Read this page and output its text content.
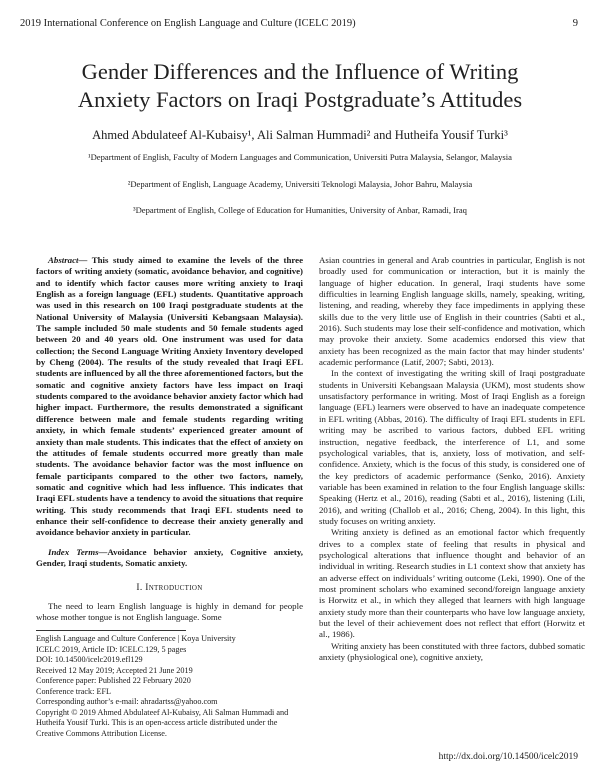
2019 International Conference on English Language and Culture (ICELC 2019)	9
Gender Differences and the Influence of Writing
Anxiety Factors on Iraqi Postgraduate’s Attitudes
Ahmed Abdulateef Al-Kubaisy¹, Ali Salman Hummadi² and Hutheifa Yousif Turki³
¹Department of English, Faculty of Modern Languages and Communication, Universiti Putra Malaysia, Selangor, Malaysia
²Department of English, Language Academy, Universiti Teknologi Malaysia, Johor Bahru, Malaysia
³Department of English, College of Education for Humanities, University of Anbar, Ramadi, Iraq

Abstract— This study aimed to examine the levels of the three factors of writing anxiety (somatic, avoidance behavior, and cognitive) and to identify which factor causes more writing anxiety to Iraqi English as a foreign language (EFL) students. Quantitative approach was used in this research on 100 Iraqi postgraduate students at the National University of Malaysia (Universiti Kebangsaan Malaysia). The sample included 50 male students and 50 female students aged between 20 and 40 years old. One instrument was used for data collection; the Second Language Writing Anxiety Inventory developed by Cheng (2004). The results of the study revealed that Iraqi EFL students are influenced by all the three aforementioned factors, but the somatic and cognitive anxiety factors have less impact on Iraqi students compared to the avoidance behavior anxiety factor which had higher impact. Furthermore, the results demonstrated a significant difference between male and female students regarding writing anxiety, in which female students’ experienced greater amount of anxiety than male students. This indicates that the effect of anxiety on the attitudes of female students occurred more greatly than male students. The avoidance behavior factor was the most influence on female participants compared to the other two factors, namely, somatic and cognitive which had less influence. This indicates that Iraqi EFL students have a tendency to avoid the situations that require writing. This study recommends that Iraqi EFL students need to enhance their self-confidence to decrease their anxiety generally and avoidance behavior anxiety in particular.

Index Terms—Avoidance behavior anxiety, Cognitive anxiety, Gender, Iraqi students, Somatic anxiety.

I. Introduction

The need to learn English language is highly in demand for people whose mother tongue is not English language. Some

English Language and Culture Conference | Koya University

ICELC 2019, Article ID: ICELC.129, 5 pages

DOI: 10.14500/icelc2019.efl129

Received 12 May 2019; Accepted 21 June 2019

Conference paper: Published 22 February 2020

Conference track: EFL

Corresponding author’s e-mail: ahradartss@yahoo.com

Copyright © 2019 Ahmed Abdulateef Al-Kubaisy, Ali Salman Hummadi and Hutheifa Yousif Turki. This is an open-access article distributed under the Creative Commons Attribution License.

Asian countries in general and Arab countries in particular, English is not broadly used for communication or interaction, but it is mainly the language of higher education. In general, Iraqi students have some difficulties in learning English language skills, namely, speaking, writing, listening, and reading, whereby they face impediments in applying these skills due to the very little use of English in their countries (Sabti et al., 2016). Such students may lose their self-confidence and motivation, which may provoke their anxiety. Some academics endorsed this view that anxiety has been recognized as the main factor that may hinder students’ academic performance (Latif, 2007; Sabti, 2013).

In the context of investigating the writing skill of Iraqi postgraduate students in Universiti Kebangsaan Malaysia (UKM), most students show unsatisfactory performance in writing. Most of Iraqi English as a foreign language (EFL) learners were observed to have an inadequate competence in EFL writing (Abbas, 2016). The difficulty of Iraqi EFL students in EFL writing may be ascribed to various factors, dubbed EFL writing instruction, negative feedback, the interference of L1, and some psychological variables, that is, anxiety, loss of motivation, and self-confidence. Anxiety, which is the focus of this study, is considered one of the key predictors of academic performance (Senko, 2016). Anxiety variable has been examined in relation to the four English language skills: Speaking (Hertz et al., 2016), reading (Sabti et al., 2016), listening (Lili, 2016), and writing (Challob et al., 2016; Cheng, 2004). In this light, this study focuses on writing anxiety.

Writing anxiety is defined as an emotional factor which frequently drives to a complex state of feeling that results in physical and psychological alterations that influence thought and behavior of an individual in writing. Research studies in L1 context show that anxiety has an adverse effect on individuals’ writing outcome (Leki, 1990). One of the most prominent scholars who examined second/foreign language anxiety is Horwitz et al., in which they alleged that learners with high language anxiety study more than their counterparts who have low language anxiety, but the level of their achievement does not reflect that effort (Horwitz et al., 1986).

Writing anxiety has been constituted with three factors, dubbed somatic anxiety (physiological one), cognitive anxiety,

http://dx.doi.org/10.14500/icelc2019
